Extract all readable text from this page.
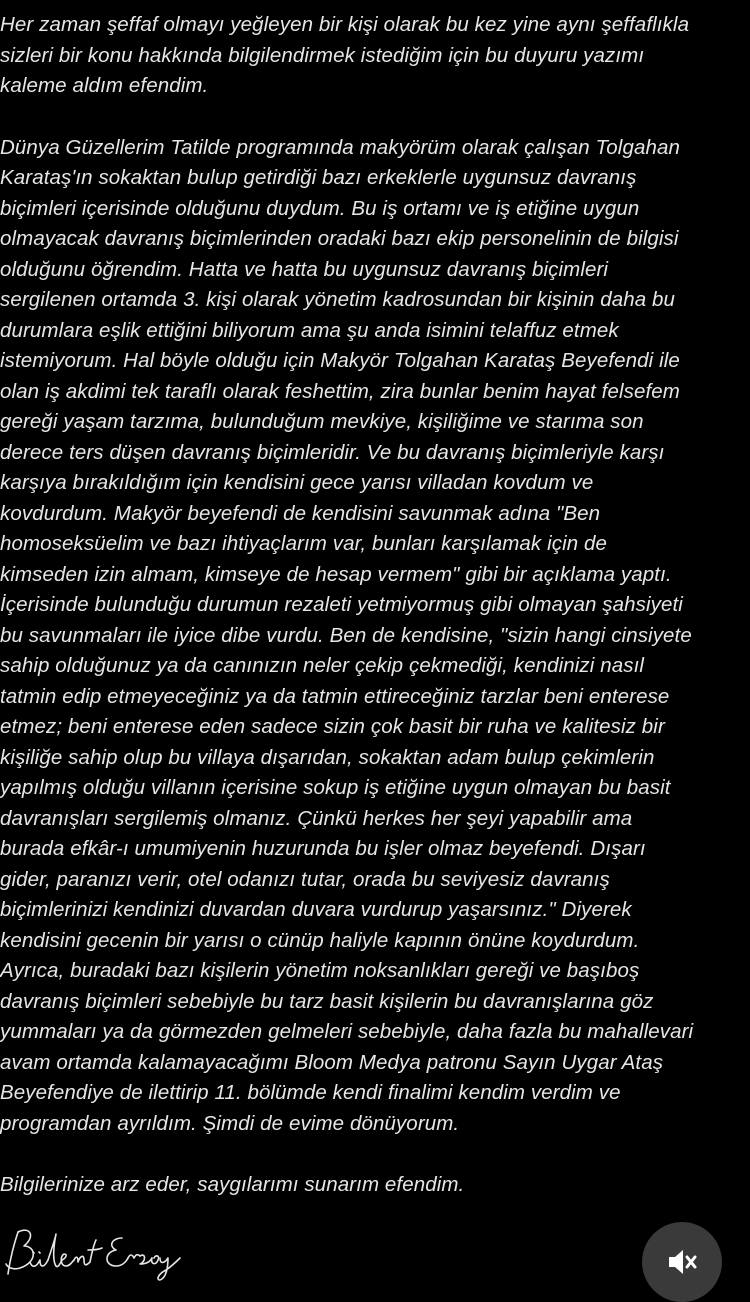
Her zaman şeffaf olmayı yeğleyen bir kişi olarak bu kez yine aynı şeffaflıkla

sizleri bir konu hakkında bilgilendirmek istediğim için bu duyuru yazımı

kaleme aldım efendim.

Dünya Güzellerim Tatilde programında makyörüm olarak çalışan Tolgahan

Karataş'ın sokaktan bulup getirdiği bazı erkeklerle uygunsuz davranış

biçimleri içerisinde olduğunu duydum. Bu iş ortamı ve iş etiğine uygun

olmayacak davranış biçimlerinden oradaki bazı ekip personelinin de bilgisi

olduğunu öğrendim. Hatta ve hatta bu uygunsuz davranış biçimleri

sergilenen ortamda 3. kişi olarak yönetim kadrosundan bir kişinin daha bu

durumlara eşlik ettiğini biliyorum ama şu anda isimini telaffuz etmek

istemiyorum. Hal böyle olduğu için Makyör Tolgahan Karataş Beyefendi ile

olan iş akdimi tek taraflı olarak feshettim, zira bunlar benim hayat felsefem

gereği yaşam tarzıma, bulunduğum mevkiye, kişiliğime ve starıma son

derece ters düşen davranış biçimleridir. Ve bu davranış biçimleriyle karşı

karşıya bırakıldığım için kendisini gece yarısı villadan kovdum ve

kovdurdum. Makyör beyefendi de kendisini savunmak adına "Ben

homoseksüelim ve bazı ihtiyaçlarım var, bunları karşılamak için de

kimseden izin almam, kimseye de hesap vermem" gibi bir açıklama yaptı.

İçerisinde bulunduğu durumun rezaleti yetmiyormuş gibi olmayan şahsiyeti

bu savunmaları ile iyice dibe vurdu. Ben de kendisine, "sizin hangi cinsiyete

sahip olduğunuz ya da canınızın neler çekip çekmediği, kendinizi nasıl

tatmin edip etmeyeceğiniz ya da tatmin ettireceğiniz tarzlar beni enterese

etmez; beni enterese eden sadece sizin çok basit bir ruha ve kalitesiz bir

kişiliğe sahip olup bu villaya dışarıdan, sokaktan adam bulup çekimlerin

yapılmış olduğu villanın içerisine sokup iş etiğine uygun olmayan bu basit

davranışları sergilemiş olmanız. Çünkü herkes her şeyi yapabilir ama

burada efkâr-ı umumiyenin huzurunda bu işler olmaz beyefendi. Dışarı

gider, paranızı verir, otel odanızı tutar, orada bu seviyesiz davranış

biçimlerinizi kendinizi duvardan duvara vurdurup yaşarsınız." Diyerek

kendisini gecenin bir yarısı o cünüp haliyle kapının önüne koydurdum.

Ayrıca, buradaki bazı kişilerin yönetim noksanlıkları gereği ve başıboş

davranış biçimleri sebebiyle bu tarz basit kişilerin bu davranışlarına göz

yummaları ya da görmezden gelmeleri sebebiyle, daha fazla bu mahallevari

avam ortamda kalamayacağımı Bloom Medya patronu Sayın Uygar Ataş

Beyefendiye de ilettirip 11. bölümde kendi finalimi kendim verdim ve

programdan ayrıldım. Şimdi de evime dönüyorum.

Bilgilerinize arz eder, saygılarımı sunarım efendim.
